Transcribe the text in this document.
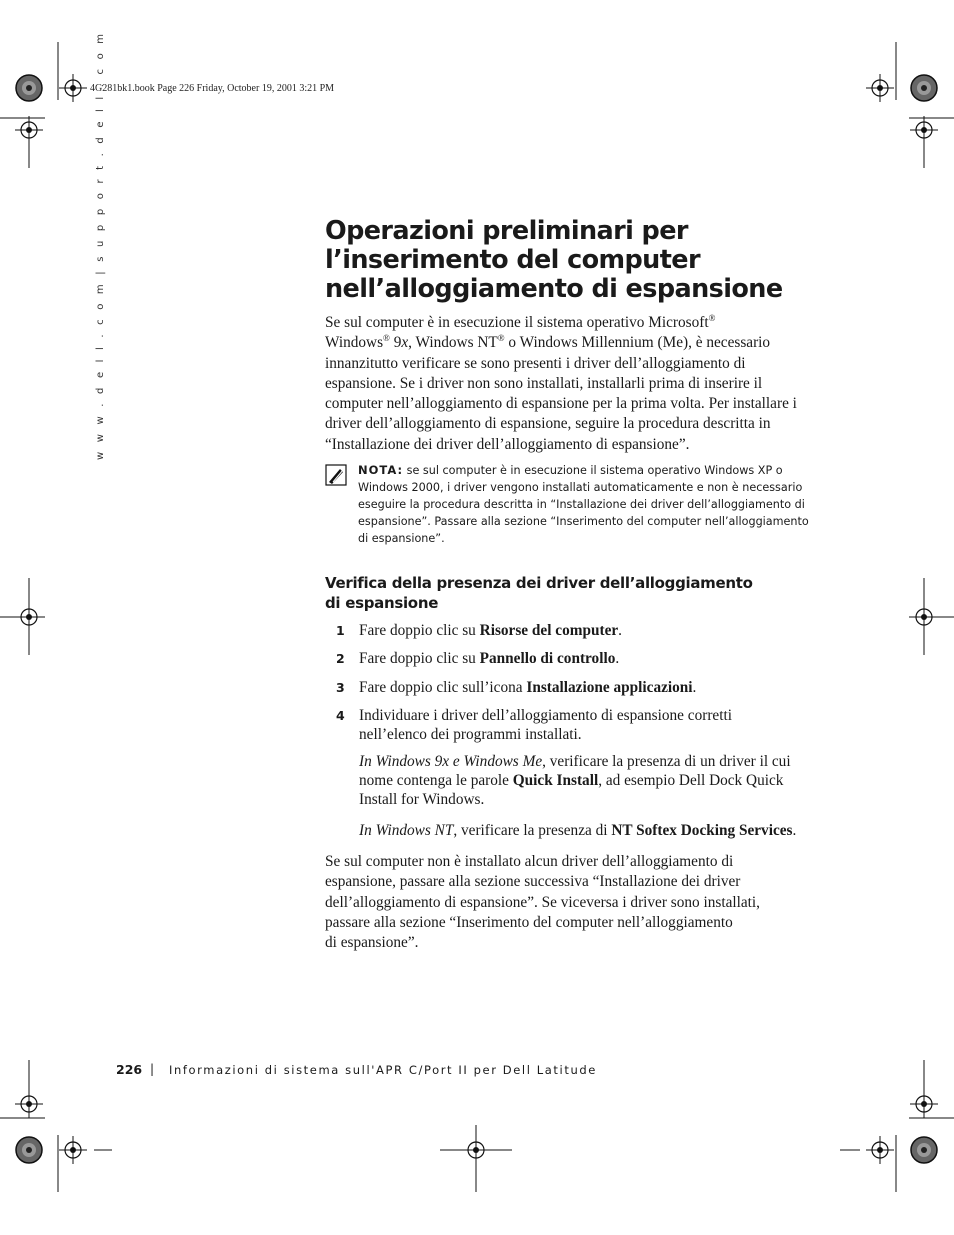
4G281bk1.book Page 226 Friday, October 19, 2001 3:21 PM
w w w . d e l l . c o m | s u p p o r t . d e l l . c o m	Operazioni preliminari per
l’inserimento del computer
nell’alloggiamento di espansione

Se sul computer è in esecuzione il sistema operativo Microsoft®
Windows® 9x, Windows NT® o Windows Millennium (Me), è necessario innanzitutto verificare se sono presenti i driver dell’alloggiamento di espansione. Se i driver non sono installati, installarli prima di inserire il computer nell’alloggiamento di espansione per la prima volta. Per installare i driver dell’alloggiamento di espansione, seguire la procedura descritta in “Installazione dei driver dell’alloggiamento di espansione”.

NOTA: se sul computer è in esecuzione il sistema operativo Windows XP o Windows 2000, i driver vengono installati automaticamente e non è necessario eseguire la procedura descritta in “Installazione dei driver dell’alloggiamento di espansione”. Passare alla sezione “Inserimento del computer nell’alloggiamento di espansione”.
Verifica della presenza dei driver dell’alloggiamento
di espansione
1 Fare doppio clic su Risorse del computer.
2 Fare doppio clic su Pannello di controllo.
3 Fare doppio clic sull’icona Installazione applicazioni.
4 Individuare i driver dell’alloggiamento di espansione corretti nell’elenco dei programmi installati.
In Windows 9x e Windows Me, verificare la presenza di un driver il cui nome contenga le parole Quick Install, ad esempio Dell Dock Quick Install for Windows.
In Windows NT, verificare la presenza di NT Softex Docking Services.

Se sul computer non è installato alcun driver dell’alloggiamento di
espansione, passare alla sezione successiva “Installazione dei driver
dell’alloggiamento di espansione”. Se viceversa i driver sono installati,
passare alla sezione “Inserimento del computer nell’alloggiamento
di espansione”.

226 | Informazioni di sistema sull'APR C/Port II per Dell Latitude
